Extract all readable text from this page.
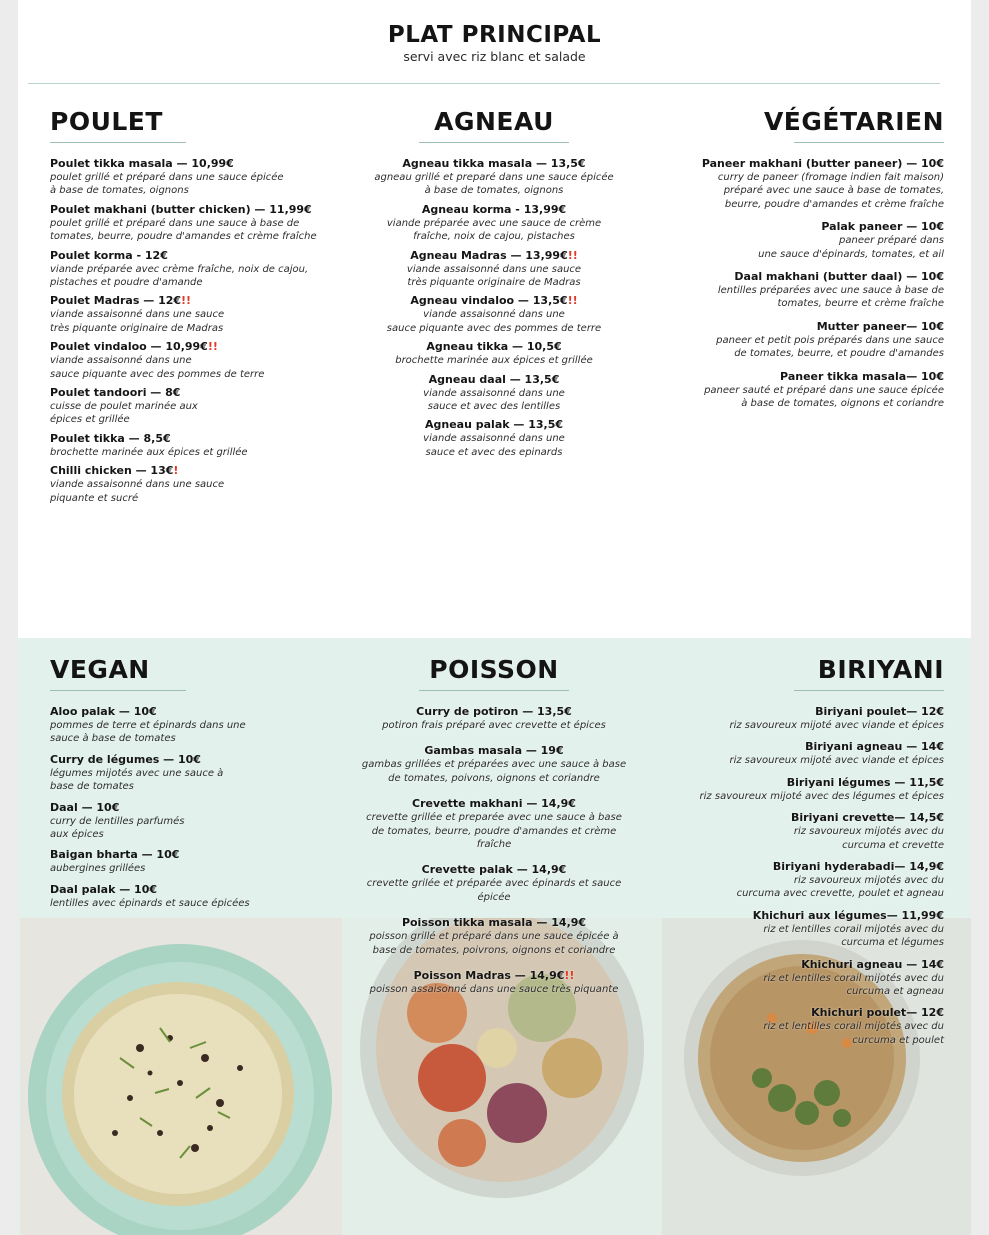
PLAT PRINCIPAL
servi avec riz blanc et salade
POULET
Poulet tikka masala — 10,99€
poulet grillé et préparé dans une sauce épicée
à base de tomates, oignons
Poulet makhani (butter chicken) — 11,99€
poulet grillé et préparé dans une sauce à base de
tomates, beurre, poudre d'amandes et crème fraîche
Poulet korma - 12€
viande préparée avec crème fraîche, noix de cajou,
pistaches et poudre d'amande
Poulet Madras — 12€!!
viande assaisonné dans une sauce
très piquante originaire de Madras
Poulet vindaloo — 10,99€!!
viande assaisonné dans une
sauce piquante avec des pommes de terre
Poulet tandoori — 8€
cuisse de poulet marinée aux
épices et grillée
Poulet tikka — 8,5€
brochette marinée aux épices et grillée
Chilli chicken — 13€!
viande assaisonné dans une sauce
piquante et sucré
AGNEAU
Agneau tikka masala — 13,5€
agneau grillé et preparé dans une sauce épicée
à base de tomates, oignons
Agneau korma - 13,99€
viande préparée avec une sauce de crème
fraîche, noix de cajou, pistaches
Agneau Madras — 13,99€!!
viande assaisonné dans une sauce
très piquante originaire de Madras
Agneau vindaloo — 13,5€!!
viande assaisonné dans une
sauce piquante avec des pommes de terre
Agneau tikka — 10,5€
brochette marinée aux épices et grillée
Agneau daal — 13,5€
viande assaisonné dans une
sauce et avec des lentilles
Agneau palak — 13,5€
viande assaisonné dans une
sauce et avec des epinards
VÉGÉTARIEN
Paneer makhani (butter paneer) — 10€
curry de paneer (fromage indien fait maison)
préparé avec une sauce à base de tomates,
beurre, poudre d'amandes et crème fraîche
Palak paneer — 10€
paneer préparé dans
une sauce d'épinards, tomates, et ail
Daal makhani (butter daal) — 10€
lentilles préparées avec une sauce à base de
tomates, beurre et crème fraîche
Mutter paneer— 10€
paneer et petit pois préparés dans une sauce
de tomates, beurre, et poudre d'amandes
Paneer tikka masala— 10€
paneer sauté et préparé dans une sauce épicée
à base de tomates, oignons et coriandre
VEGAN
Aloo palak — 10€
pommes de terre et épinards dans une
sauce à base de tomates
Curry de légumes — 10€
légumes mijotés avec une sauce à
base de tomates
Daal — 10€
curry de lentilles parfumés
aux épices
Baigan bharta — 10€
aubergines grillées
Daal palak — 10€
lentilles avec épinards et sauce épicées
POISSON
Curry de potiron — 13,5€
potiron frais préparé avec crevette et épices
Gambas masala — 19€
gambas grillées et préparées avec une sauce à base
de tomates, poivons, oignons et coriandre
Crevette makhani — 14,9€
crevette grillée et preparée avec une sauce à base
de tomates, beurre, poudre d'amandes et crème
fraîche
Crevette palak — 14,9€
crevette grilée et préparée avec épinards et sauce
épicée
Poisson tikka masala — 14,9€
poisson grillé et préparé dans une sauce épicée à
base de tomates, poivrons, oignons et coriandre
Poisson Madras — 14,9€!!
poisson assaisonné dans une sauce très piquante
BIRIYANI
Biriyani poulet— 12€
riz savoureux mijoté avec viande et épices
Biriyani agneau — 14€
riz savoureux mijoté avec viande et épices
Biriyani légumes — 11,5€
riz savoureux mijoté avec des légumes et épices
Biriyani crevette— 14,5€
riz savoureux mijotés avec du
curcuma et crevette
Biriyani hyderabadi— 14,9€
riz savoureux mijotés avec du
curcuma avec crevette, poulet et agneau
Khichuri aux légumes— 11,99€
riz et lentilles corail mijotés avec du
curcuma et légumes
Khichuri agneau — 14€
riz et lentilles corail mijotés avec du
curcuma et agneau
Khichuri poulet— 12€
riz et lentilles corail mijotés avec du
curcuma et poulet
